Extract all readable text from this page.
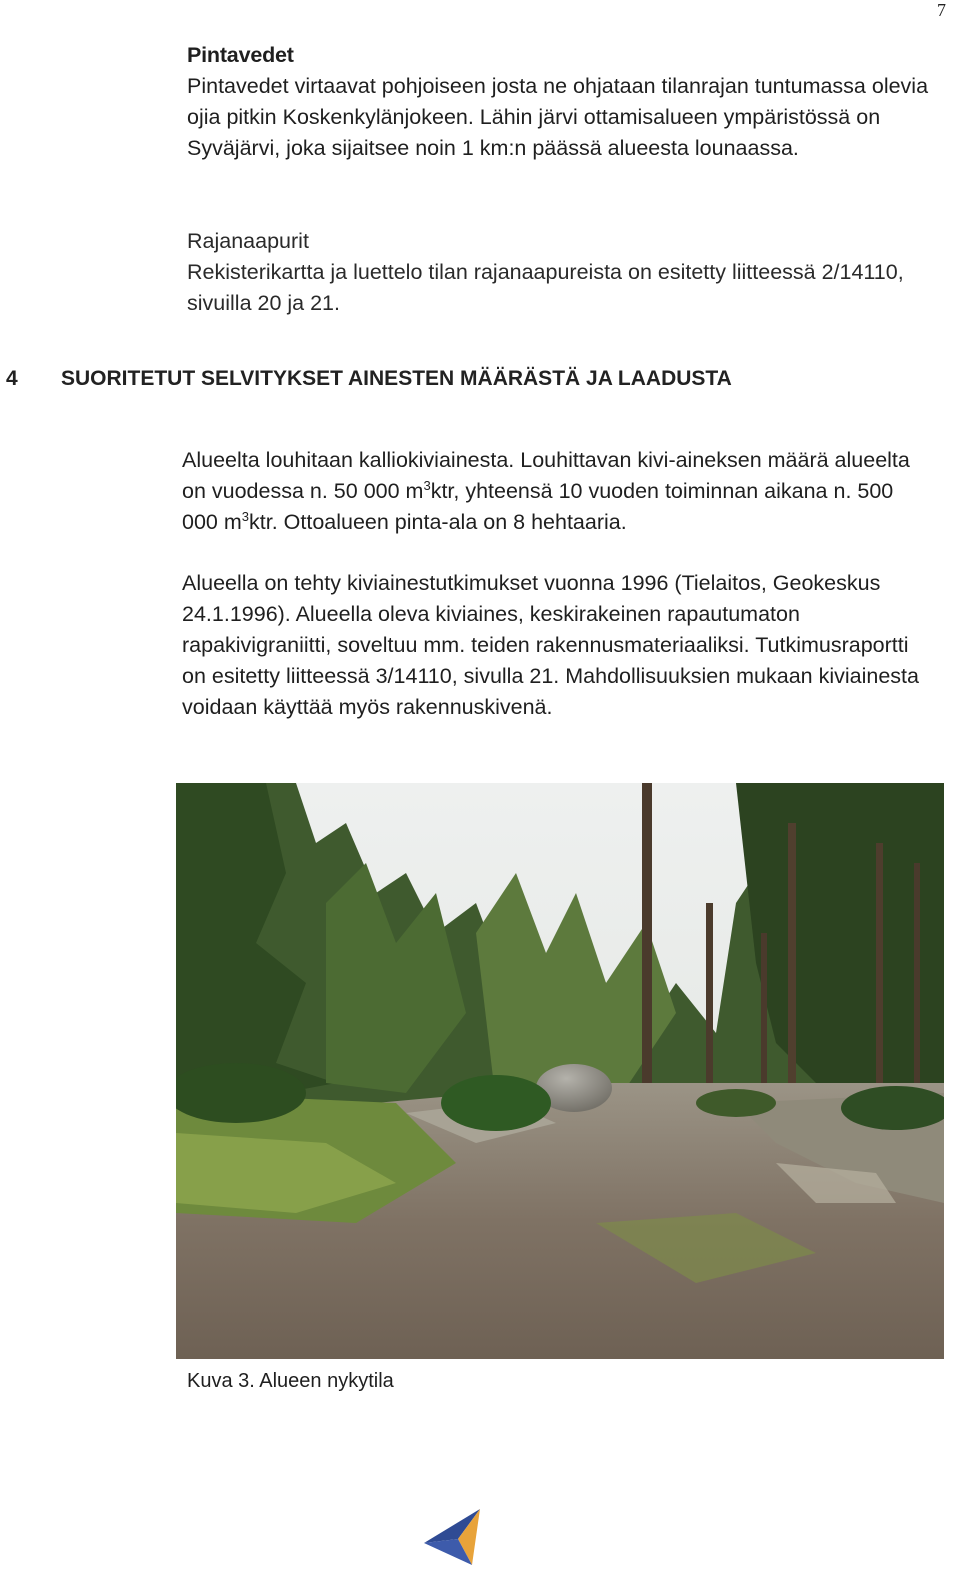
7
Pintavedet

Pintavedet virtaavat pohjoiseen josta ne ohjataan tilanrajan tuntumassa olevia ojia pitkin Koskenkylänjokeen. Lähin järvi ottamisalueen ympäristössä on Syväjärvi, joka sijaitsee noin 1 km:n päässä alueesta lounaassa.

Rajanaapurit

Rekisterikartta ja luettelo tilan rajanaapureista on esitetty liitteessä 2/14110, sivuilla 20 ja 21.

4	SUORITETUT SELVITYKSET AINESTEN MÄÄRÄSTÄ JA LAADUSTA

Alueelta louhitaan kalliokiviainesta. Louhittavan kivi-aineksen määrä alueelta on vuodessa n. 50 000 $m^3ktr$, yhteensä 10 vuoden toiminnan aikana n. 500 000 $m^3ktr$. Ottoalueen pinta-ala on 8 hehtaaria.

Alueella on tehty kiviainestutkimukset vuonna 1996 (Tielaitos, Geokeskus 24.1.1996). Alueella oleva kiviaines, keskirakeinen rapautumaton rapakivigraniitti, soveltuu mm. teiden rakennusmateriaaliksi. Tutkimusraportti on esitetty liitteessä 3/14110, sivulla 21. Mahdollisuuksien mukaan kiviainesta voidaan käyttää myös rakennuskivenä.

Kuva 3. Alueen nykytila
